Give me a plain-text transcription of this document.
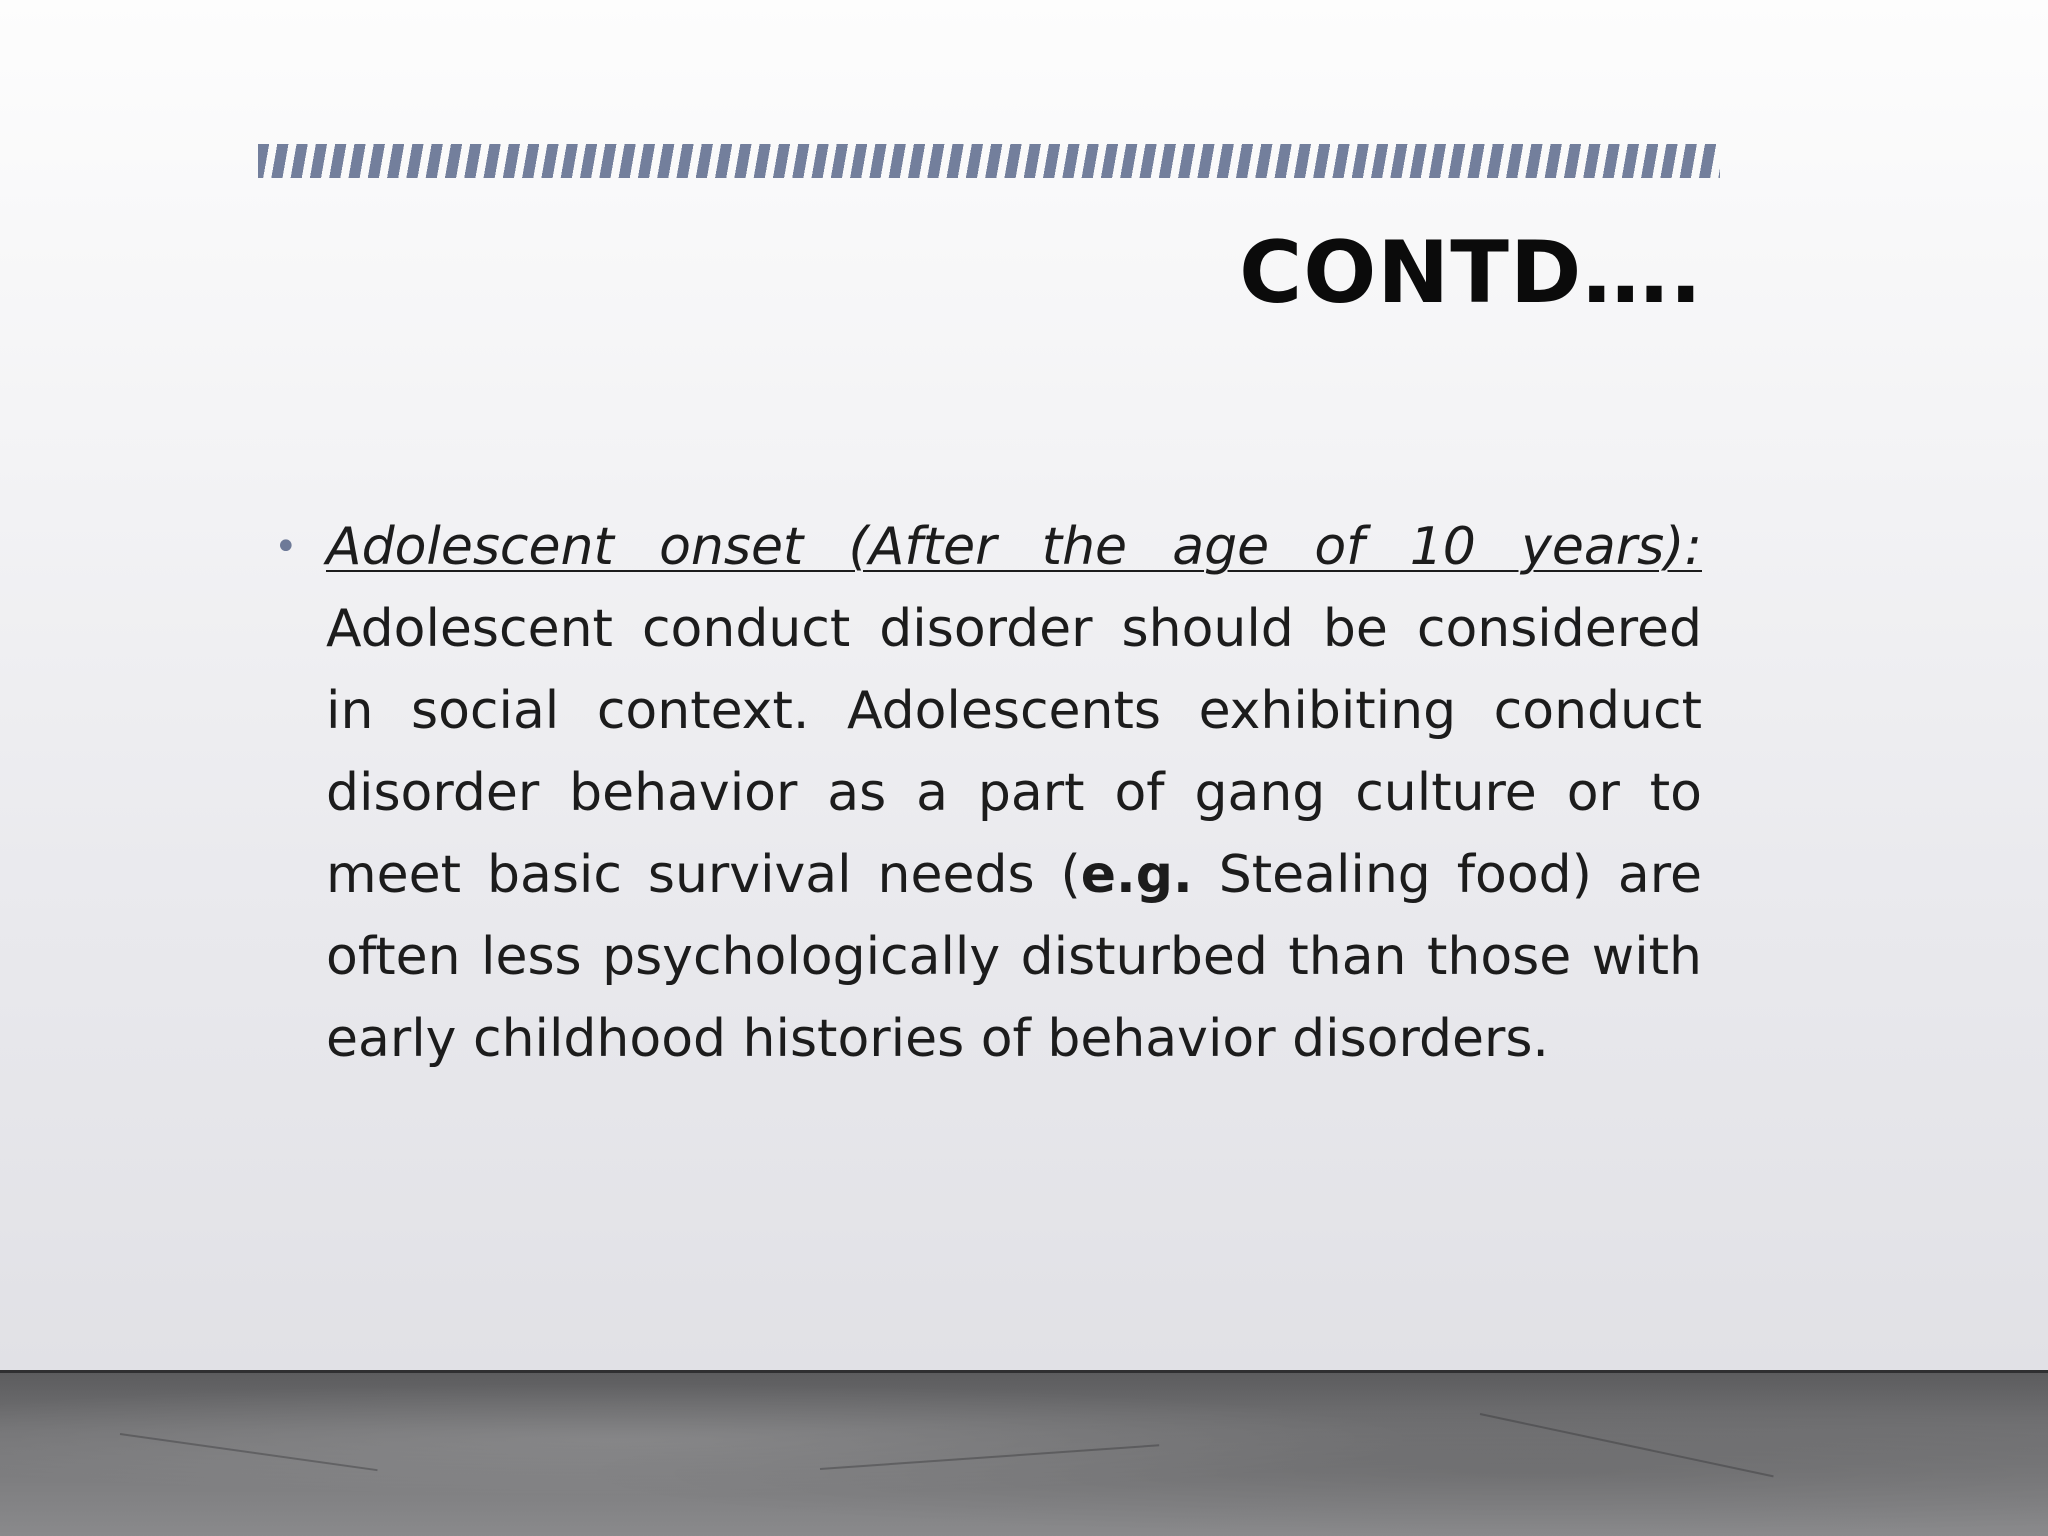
CONTD….
• Adolescent onset (After the age of 10 years): Adolescent conduct disorder should be considered in social context. Adolescents exhibiting conduct disorder behavior as a part of gang culture or to meet basic survival needs (e.g. Stealing food) are often less psychologically disturbed than those with early childhood histories of behavior disorders.
